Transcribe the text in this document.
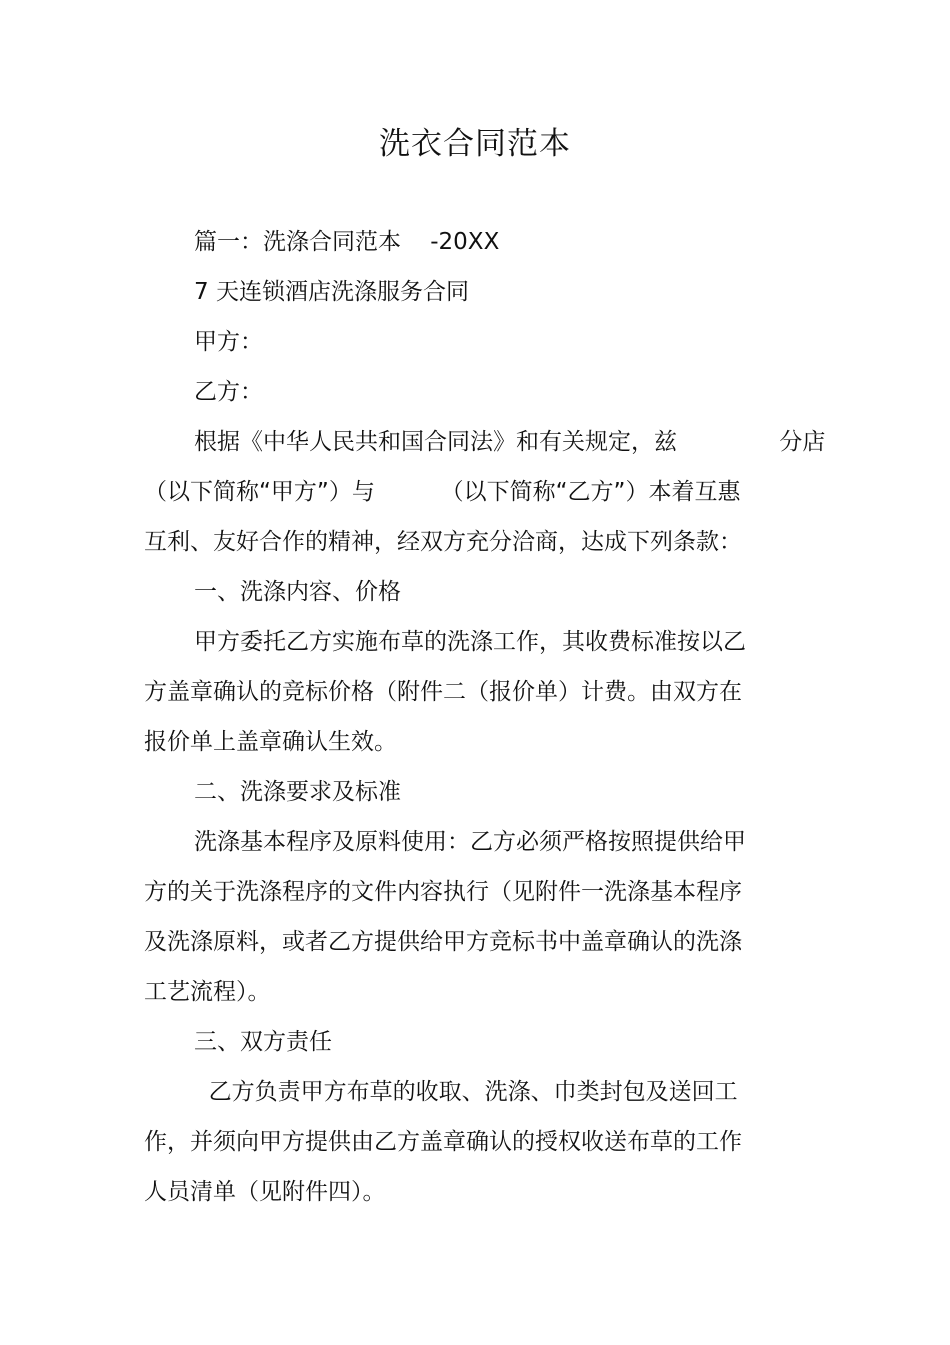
洗衣合同范本
篇一：洗涤合同范本    -20XX
7 天连锁酒店洗涤服务合同
甲方：
乙方：
根据《中华人民共和国合同法》和有关规定，兹              分店
（以下简称“甲方”）与         （以下简称“乙方”）本着互惠
互利、友好合作的精神，经双方充分洽商，达成下列条款：
一、洗涤内容、价格
甲方委托乙方实施布草的洗涤工作，其收费标准按以乙
方盖章确认的竞标价格（附件二（报价单）计费。由双方在
报价单上盖章确认生效。
二、洗涤要求及标准
洗涤基本程序及原料使用：乙方必须严格按照提供给甲
方的关于洗涤程序的文件内容执行（见附件一洗涤基本程序
及洗涤原料，或者乙方提供给甲方竞标书中盖章确认的洗涤
工艺流程）。
三、双方责任
乙方负责甲方布草的收取、洗涤、巾类封包及送回工
作，并须向甲方提供由乙方盖章确认的授权收送布草的工作
人员清单（见附件四）。
